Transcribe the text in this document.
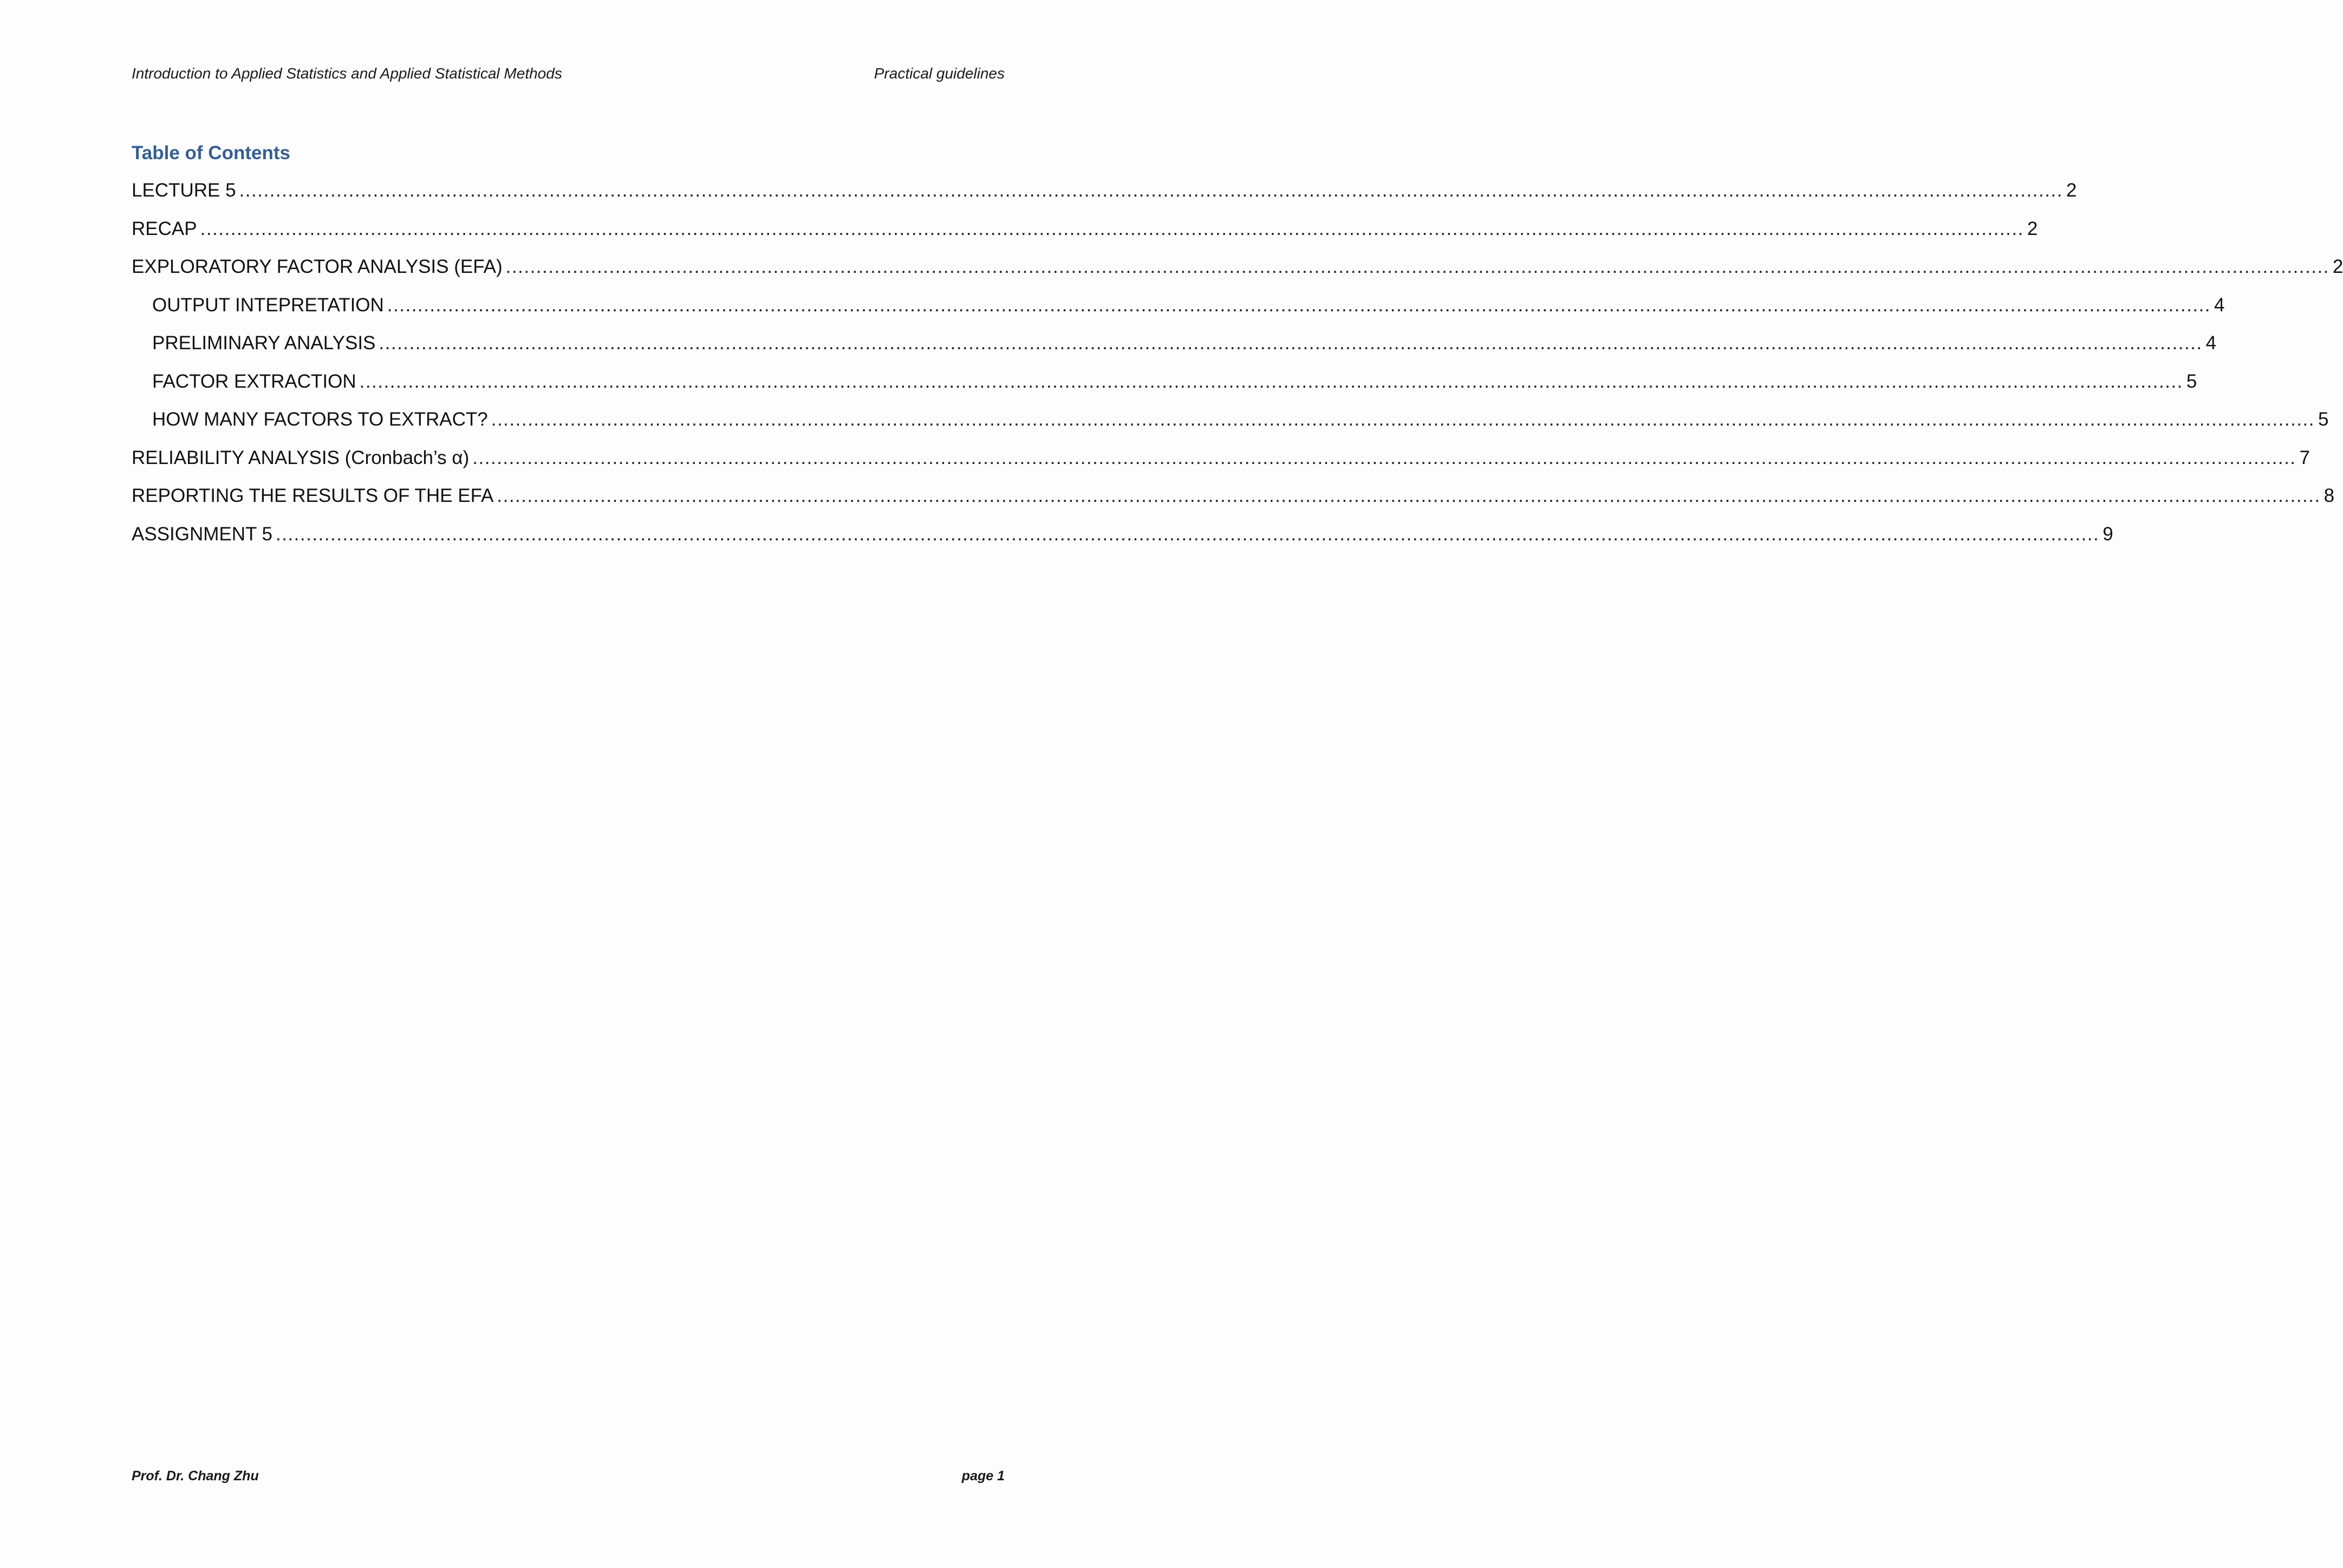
Introduction to Applied Statistics and Applied Statistical Methods	Practical guidelines
Table of Contents
LECTURE 5 ............................................................................................................................................................................................................................................................................................................ 2
RECAP ............................................................................................................................................................................................................................................................................................................ 2
EXPLORATORY FACTOR ANALYSIS (EFA) ............................................................................................................................................................................................................................................................................................................ 2
OUTPUT INTEPRETATION ............................................................................................................................................................................................................................................................................................................ 4
PRELIMINARY ANALYSIS ............................................................................................................................................................................................................................................................................................................ 4
FACTOR EXTRACTION ............................................................................................................................................................................................................................................................................................................ 5
HOW MANY FACTORS TO EXTRACT? ............................................................................................................................................................................................................................................................................................................ 5
RELIABILITY ANALYSIS (Cronbach’s α) ............................................................................................................................................................................................................................................................................................................ 7
REPORTING THE RESULTS OF THE EFA ............................................................................................................................................................................................................................................................................................................ 8
ASSIGNMENT 5 ............................................................................................................................................................................................................................................................................................................ 9
Prof. Dr. Chang Zhu	page 1
